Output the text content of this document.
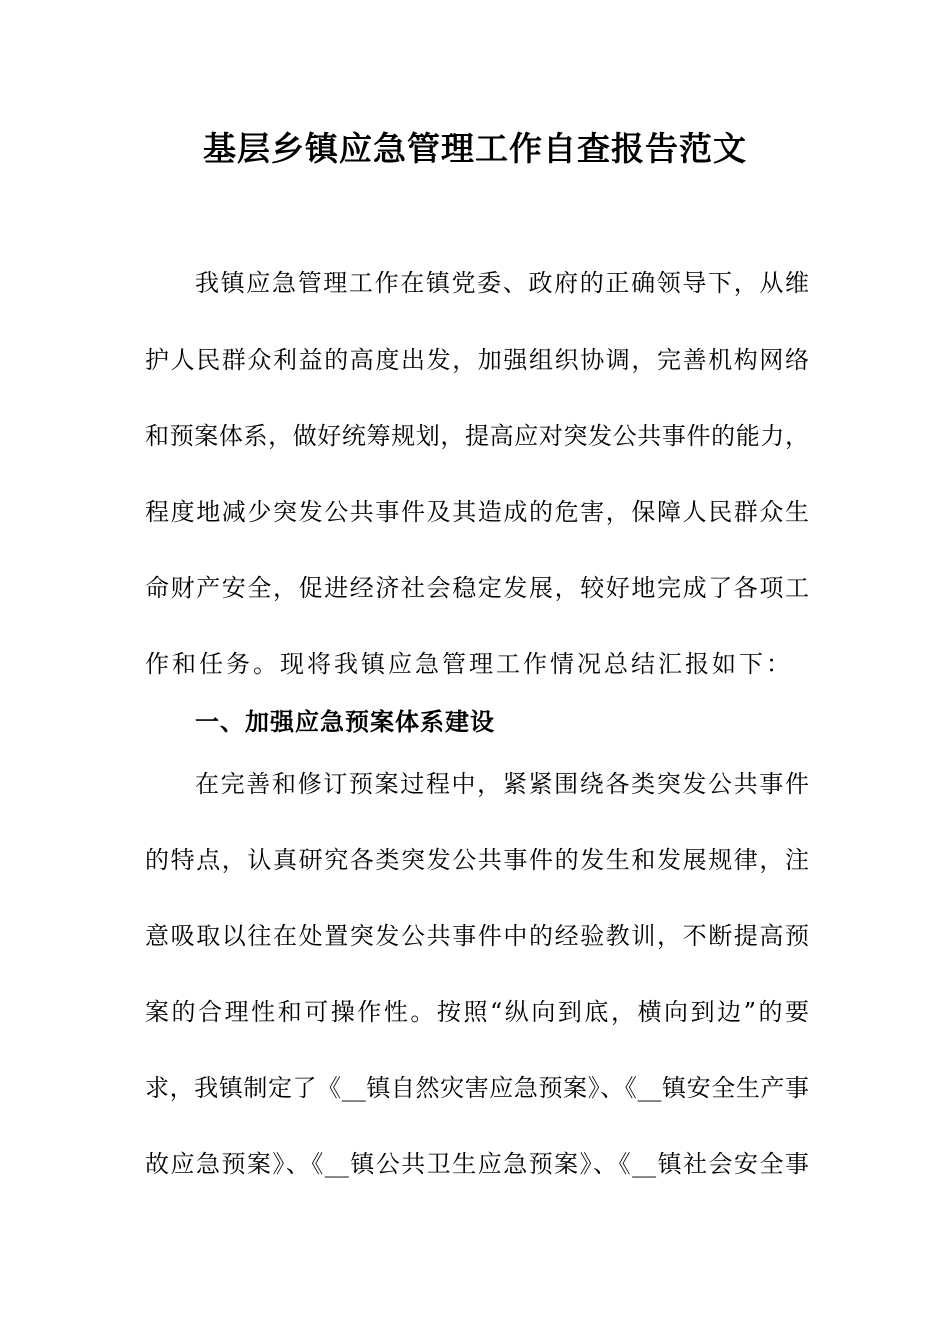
基层乡镇应急管理工作自查报告范文
我镇应急管理工作在镇党委、政府的正确领导下，从维
护人民群众利益的高度出发，加强组织协调，完善机构网络
和预案体系，做好统筹规划，提高应对突发公共事件的能力，
程度地减少突发公共事件及其造成的危害，保障人民群众生
命财产安全，促进经济社会稳定发展，较好地完成了各项工
作和任务。现将我镇应急管理工作情况总结汇报如下：
一、加强应急预案体系建设
在完善和修订预案过程中，紧紧围绕各类突发公共事件
的特点，认真研究各类突发公共事件的发生和发展规律，注
意吸取以往在处置突发公共事件中的经验教训，不断提高预
案的合理性和可操作性。按照“纵向到底，横向到边”的要
求，我镇制定了《__镇自然灾害应急预案》、《__镇安全生产事
故应急预案》、《__镇公共卫生应急预案》、《__镇社会安全事
